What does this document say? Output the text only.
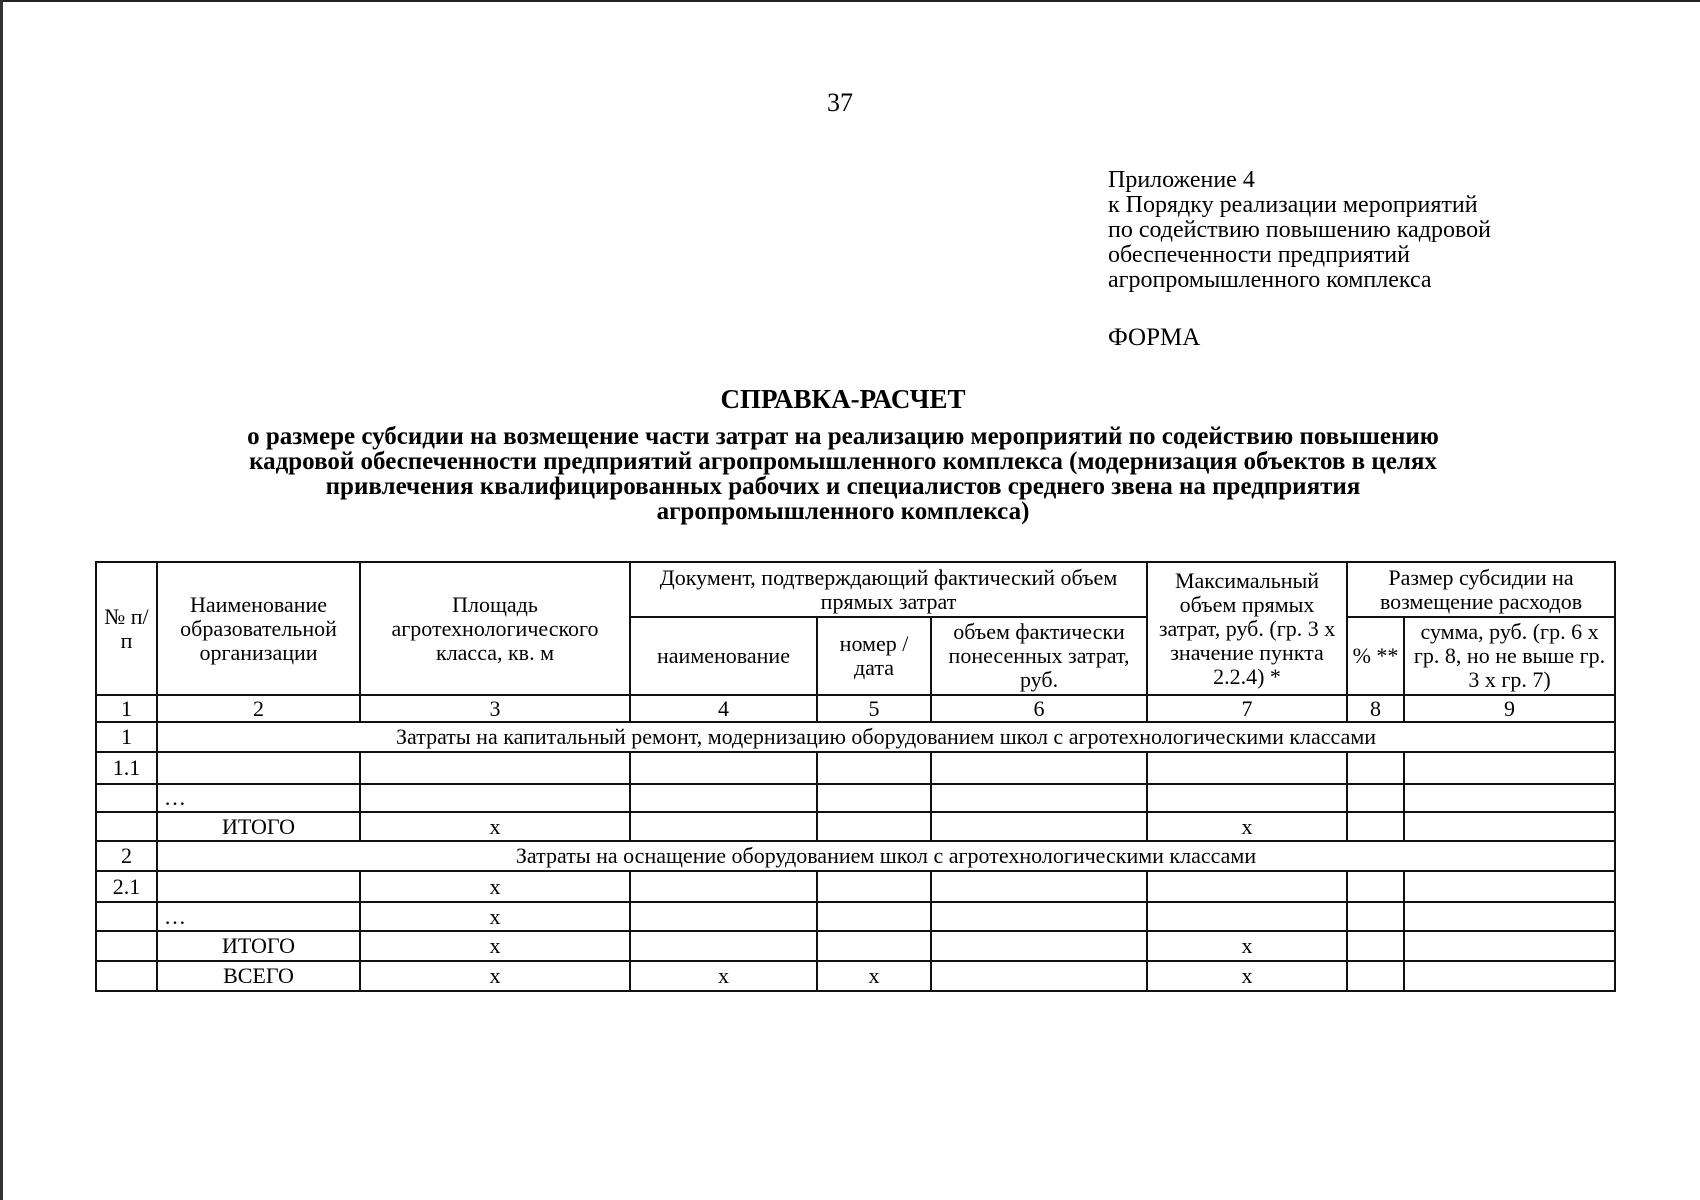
37
Приложение 4
к Порядку реализации мероприятий
по содействию повышению кадровой
обеспеченности предприятий
агропромышленного комплекса
ФОРМА
СПРАВКА-РАСЧЕТ
о размере субсидии на возмещение части затрат на реализацию мероприятий по содействию повышению
кадровой обеспеченности предприятий агропромышленного комплекса (модернизация объектов в целях
привлечения квалифицированных рабочих и специалистов среднего звена на предприятия
агропромышленного комплекса)
№ п/п	Наименование образовательной организации	Площадь агротехнологического класса, кв. м	Документ, подтверждающий фактический объем прямых затрат			Максимальный объем прямых затрат, руб. (гр. 3 х значение пункта 2.2.4) *	Размер субсидии на возмещение расходов	
			наименование	номер / дата	объем фактически понесенных затрат, руб.		% **	сумма, руб. (гр. 6 х гр. 8, но не выше гр. 3 х гр. 7)
1	2	3	4	5	6	7	8	9
1	Затраты на капитальный ремонт, модернизацию оборудованием школ с агротехнологическими классами							
1.1								
	…							
	ИТОГО	х				х		
2	Затраты на оснащение оборудованием школ с агротехнологическими классами							
2.1		х						
	…	х						
	ИТОГО	х				х		
	ВСЕГО	х	х	х		х		
